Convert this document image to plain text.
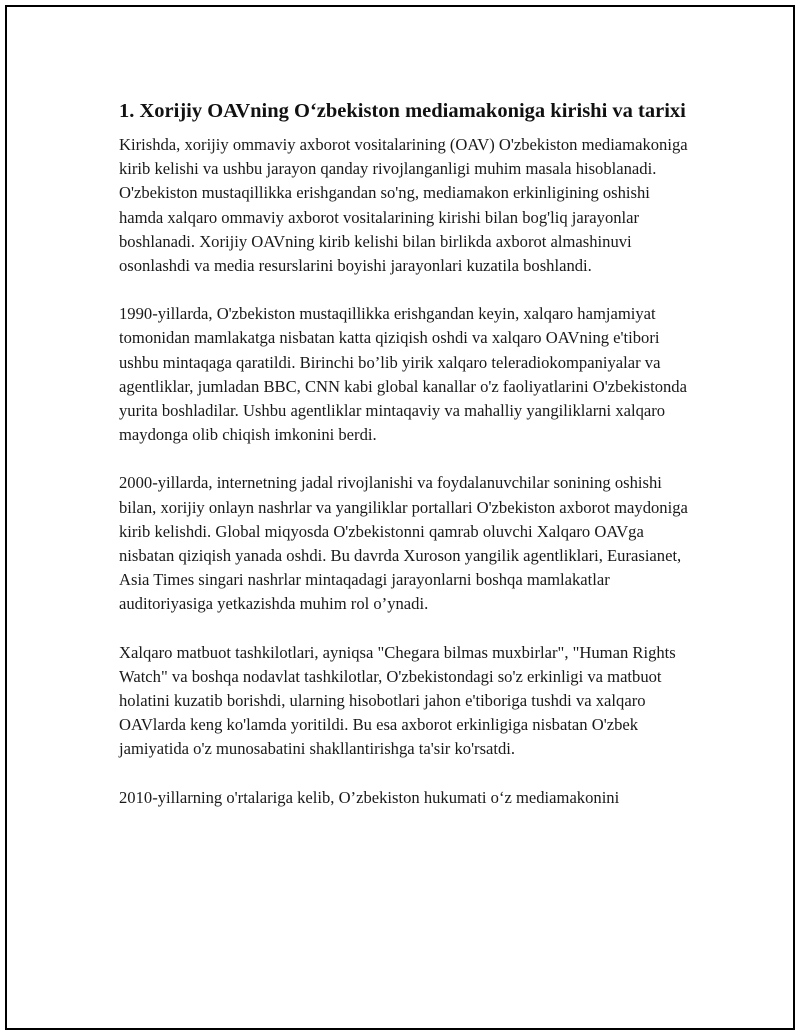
1. Xorijiy OAVning O‘zbekiston mediamakoniga kirishi va tarixi

Kirishda, xorijiy ommaviy axborot vositalarining (OAV) O'zbekiston mediamakoniga kirib kelishi va ushbu jarayon qanday rivojlanganligi muhim masala hisoblanadi. O'zbekiston mustaqillikka erishgandan so'ng, mediamakon erkinligining oshishi hamda xalqaro ommaviy axborot vositalarining kirishi bilan bog'liq jarayonlar boshlanadi. Xorijiy OAVning kirib kelishi bilan birlikda axborot almashinuvi osonlashdi va media resurslarini boyishi jarayonlari kuzatila boshlandi.

1990-yillarda, O'zbekiston mustaqillikka erishgandan keyin, xalqaro hamjamiyat tomonidan mamlakatga nisbatan katta qiziqish oshdi va xalqaro OAVning e'tibori ushbu mintaqaga qaratildi. Birinchi bo’lib yirik xalqaro teleradiokompaniyalar va agentliklar, jumladan BBC, CNN kabi global kanallar o'z faoliyatlarini O'zbekistonda yurita boshladilar. Ushbu agentliklar mintaqaviy va mahalliy yangiliklarni xalqaro maydonga olib chiqish imkonini berdi.

2000-yillarda, internetning jadal rivojlanishi va foydalanuvchilar sonining oshishi bilan, xorijiy onlayn nashrlar va yangiliklar portallari O'zbekiston axborot maydoniga kirib kelishdi. Global miqyosda O'zbekistonni qamrab oluvchi Xalqaro OAVga nisbatan qiziqish yanada oshdi. Bu davrda Xuroson yangilik agentliklari, Eurasianet, Asia Times singari nashrlar mintaqadagi jarayonlarni boshqa mamlakatlar auditoriyasiga yetkazishda muhim rol o’ynadi.

Xalqaro matbuot tashkilotlari, ayniqsa "Chegara bilmas muxbirlar", "Human Rights Watch" va boshqa nodavlat tashkilotlar, O'zbekistondagi so'z erkinligi va matbuot holatini kuzatib borishdi, ularning hisobotlari jahon e'tiboriga tushdi va xalqaro OAVlarda keng ko'lamda yoritildi. Bu esa axborot erkinligiga nisbatan O'zbek jamiyatida o'z munosabatini shakllantirishga ta'sir ko'rsatdi.

2010-yillarning o'rtalariga kelib, O’zbekiston hukumati o‘z mediamakonini
